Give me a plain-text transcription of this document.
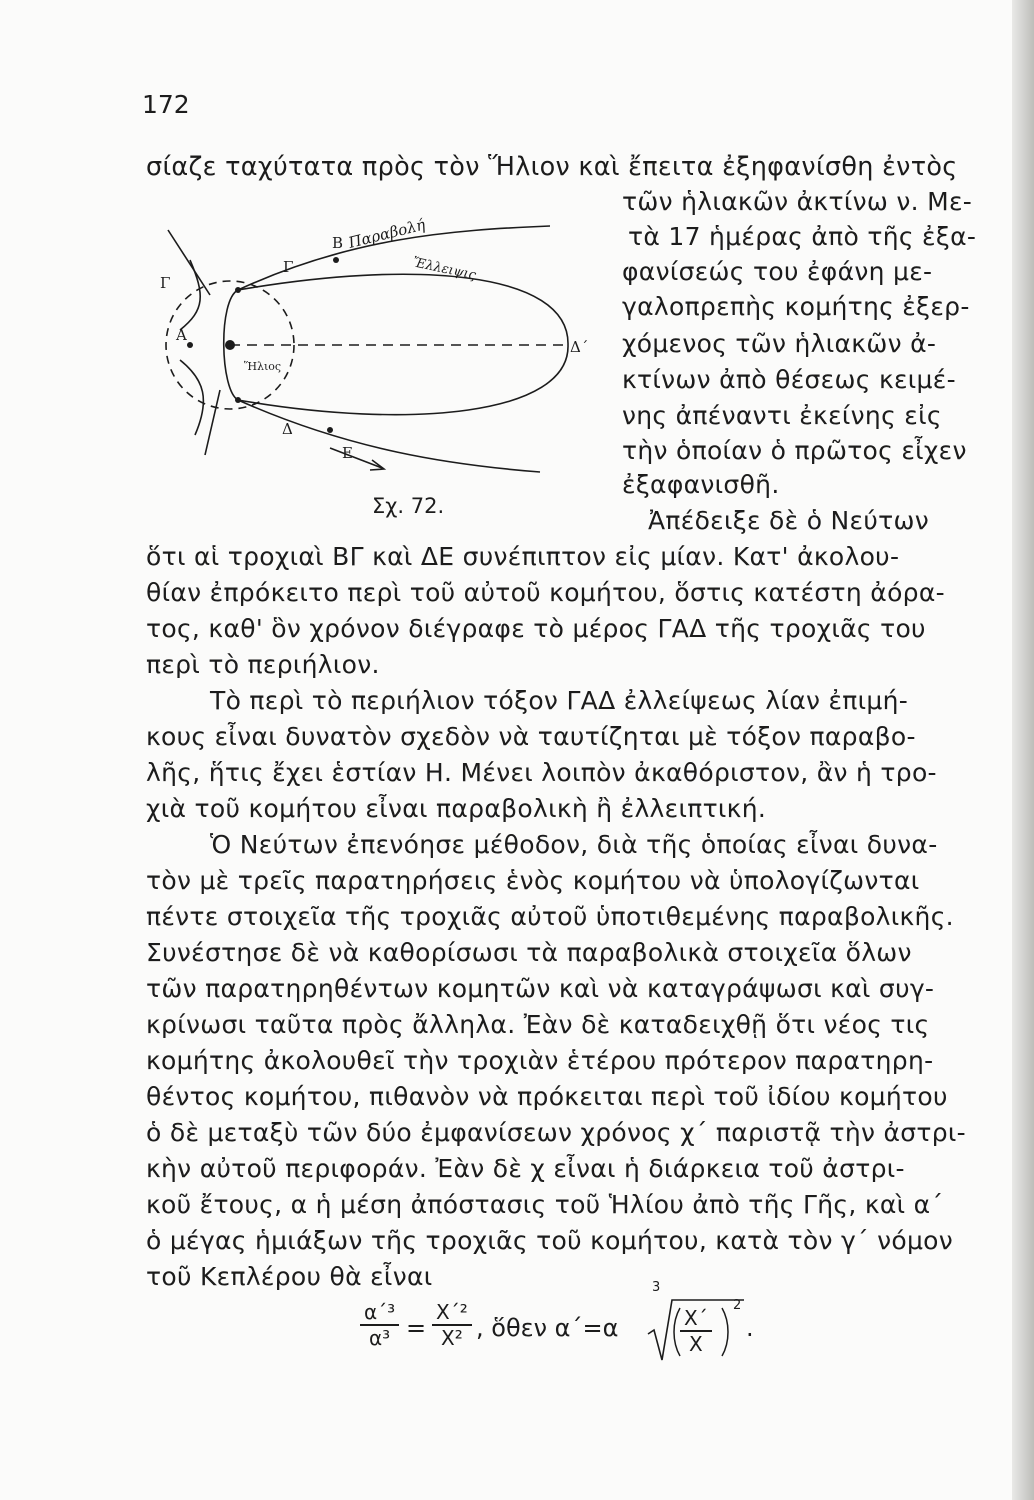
172
σίαζε ταχύτατα πρὸς τὸν Ἥλιον καὶ ἔπειτα ἐξηφανίσθη ἐντὸς
τῶν ἡλιακῶν ἀκτίνω ν. Με-
τὰ 17 ἡμέρας ἀπὸ τῆς ἐξα-
φανίσεώς του ἐφάνη με-
γαλοπρεπὴς κομήτης ἐξερ-
χόμενος τῶν ἡλιακῶν ἀ-
κτίνων ἀπὸ θέσεως κειμέ-
νης ἀπέναντι ἐκείνης εἰς
τὴν ὁποίαν ὁ πρῶτος εἶχεν
ἐξαφανισθῆ.
Ἀπέδειξε δὲ ὁ Νεύτων
Παραβολή
Ἔλλειψις
Ἥλιος
Α
Β
Γ
Γ
Δ
Ε
Δ΄
Σχ. 72.
ὅτι αἱ τροχιαὶ ΒΓ καὶ ΔΕ συνέπιπτον εἰς μίαν. Κατ' ἀκολου-
θίαν ἐπρόκειτο περὶ τοῦ αὐτοῦ κομήτου, ὅστις κατέστη ἀόρα-
τος, καθ' ὃν χρόνον διέγραφε τὸ μέρος ΓΑΔ τῆς τροχιᾶς του
περὶ τὸ περιήλιον.
Τὸ περὶ τὸ περιήλιον τόξον ΓΑΔ ἐλλείψεως λίαν ἐπιμή-
κους εἶναι δυνατὸν σχεδὸν νὰ ταυτίζηται μὲ τόξον παραβο-
λῆς, ἥτις ἔχει ἑστίαν Η. Μένει λοιπὸν ἀκαθόριστον, ἂν ἡ τρο-
χιὰ τοῦ κομήτου εἶναι παραβολικὴ ἢ ἐλλειπτική.
Ὁ Νεύτων ἐπενόησε μέθοδον, διὰ τῆς ὁποίας εἶναι δυνα-
τὸν μὲ τρεῖς παρατηρήσεις ἑνὸς κομήτου νὰ ὑπολογίζωνται
πέντε στοιχεῖα τῆς τροχιᾶς αὐτοῦ ὑποτιθεμένης παραβολικῆς.
Συνέστησε δὲ νὰ καθορίσωσι τὰ παραβολικὰ στοιχεῖα ὅλων
τῶν παρατηρηθέντων κομητῶν καὶ νὰ καταγράψωσι καὶ συγ-
κρίνωσι ταῦτα πρὸς ἄλληλα. Ἐὰν δὲ καταδειχθῇ ὅτι νέος τις
κομήτης ἀκολουθεῖ τὴν τροχιὰν ἑτέρου πρότερον παρατηρη-
θέντος κομήτου, πιθανὸν νὰ πρόκειται περὶ τοῦ ἰδίου κομήτου
ὁ δὲ μεταξὺ τῶν δύο ἐμφανίσεων χρόνος χ΄ παριστᾷ τὴν ἀστρι-
κὴν αὐτοῦ περιφοράν. Ἐὰν δὲ χ εἶναι ἡ διάρκεια τοῦ ἀστρι-
κοῦ ἔτους, α ἡ μέση ἀπόστασις τοῦ Ἡλίου ἀπὸ τῆς Γῆς, καὶ α΄
ὁ μέγας ἡμιάξων τῆς τροχιᾶς τοῦ κομήτου, κατὰ τὸν γ΄ νόμον
τοῦ Κεπλέρου θὰ εἶναι
$\frac{\text{α΄³}}{\text{α³}} = \frac{\text{Χ΄²}}{\text{Χ²}}$ , ὅθεν α΄=α
3
$\frac{X΄}{X}$
2
.
